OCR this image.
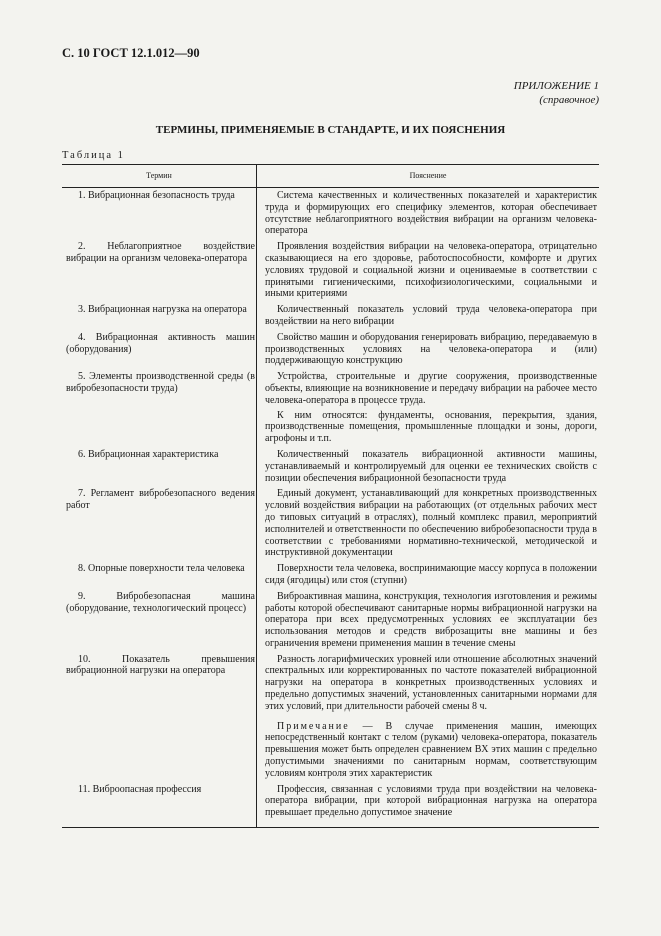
С. 10 ГОСТ 12.1.012—90
ПРИЛОЖЕНИЕ 1
(справочное)
ТЕРМИНЫ, ПРИМЕНЯЕМЫЕ В СТАНДАРТЕ, И ИХ ПОЯСНЕНИЯ
Таблица 1
Термин	Пояснение
1. Вибрационная безопасность труда	Система качественных и количественных показателей и характеристик труда и формирующих его специфику элементов, которая обеспечивает отсутствие неблагоприятного воздействия вибрации на организм человека-оператора
2. Неблагоприятное воздействие вибрации на организм человека-оператора	Проявления воздействия вибрации на человека-оператора, отрицательно сказывающиеся на его здоровье, работоспособности, комфорте и других условиях трудовой и социальной жизни и оцениваемые в соответствии с принятыми гигиеническими, психофизиологическими, социальными и иными критериями
3. Вибрационная нагрузка на оператора	Количественный показатель условий труда человека-оператора при воздействии на него вибрации
4. Вибрационная активность машин (оборудования)	Свойство машин и оборудования генерировать вибрацию, передаваемую в производственных условиях на человека-оператора и (или) поддерживающую конструкцию
5. Элементы производственной среды (в вибробезопасности труда)	Устройства, строительные и другие сооружения, производственные объекты, влияющие на возникновение и передачу вибрации на рабочее место человека-оператора в процессе труда.
К ним относятся: фундаменты, основания, перекрытия, здания, производственные помещения, промышленные площадки и зоны, дороги, агрофоны и т.п.

6. Вибрационная характеристика	Количественный показатель вибрационной активности машины, устанавливаемый и контролируемый для оценки ее технических свойств с позиции обеспечения вибрационной безопасности труда
7. Регламент вибробезопасного ведения работ	Единый документ, устанавливающий для конкретных производственных условий воздействия вибрации на работающих (от отдельных рабочих мест до типовых ситуаций в отраслях), полный комплекс правил, мероприятий исполнителей и ответственности по обеспечению вибробезопасности труда в соответствии с требованиями нормативно-технической, методической и инструктивной документации
8. Опорные поверхности тела человека	Поверхности тела человека, воспринимающие массу корпуса в положении сидя (ягодицы) или стоя (ступни)
9. Вибробезопасная машина (оборудование, технологический процесс)	Виброактивная машина, конструкция, технология изготовления и режимы работы которой обеспечивают санитарные нормы вибрационной нагрузки на оператора при всех предусмотренных условиях ее эксплуатации без использования методов и средств виброзащиты вне машины и без ограничения времени применения машин в течение смены
10. Показатель превышения вибрационной нагрузки на оператора	Разность логарифмических уровней или отношение абсолютных значений спектральных или корректированных по частоте показателей вибрационной нагрузки на оператора в конкретных производственных условиях и предельно допустимых значений, установленных санитарными нормами для этих условий, при длительности рабочей смены 8 ч.
Примечание — В случае применения машин, имеющих непосредственный контакт с телом (руками) человека-оператора, показатель превышения может быть определен сравнением ВХ этих машин с предельно допустимыми значениями по санитарным нормам, соответствующим условиям контроля этих характеристик

11. Виброопасная профессия	Профессия, связанная с условиями труда при воздействии на человека-оператора вибрации, при которой вибрационная нагрузка на оператора превышает предельно допустимое значение
